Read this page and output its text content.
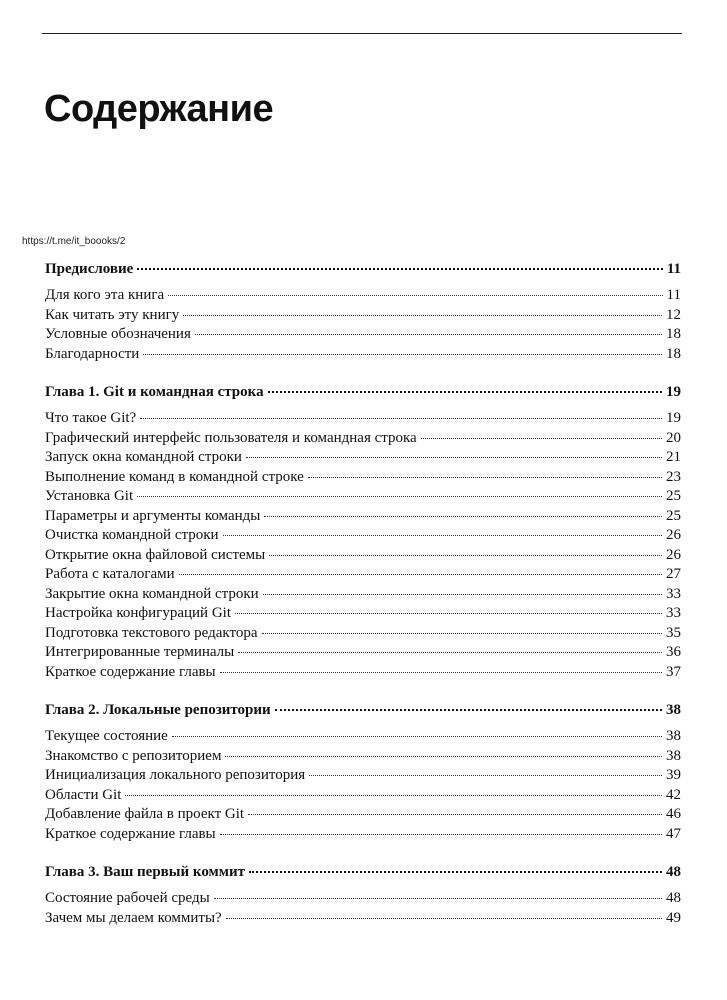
Содержание
https://t.me/it_boooks/2
Предисловие	11
Для кого эта книга	11
Как читать эту книгу	12
Условные обозначения	18
Благодарности	18
Глава 1. Git и командная строка	19
Что такое Git?	19
Графический интерфейс пользователя и командная строка	20
Запуск окна командной строки	21
Выполнение команд в командной строке	23
Установка Git	25
Параметры и аргументы команды	25
Очистка командной строки	26
Открытие окна файловой системы	26
Работа с каталогами	27
Закрытие окна командной строки	33
Настройка конфигураций Git	33
Подготовка текстового редактора	35
Интегрированные терминалы	36
Краткое содержание главы	37
Глава 2. Локальные репозитории	38
Текущее состояние	38
Знакомство с репозиторием	38
Инициализация локального репозитория	39
Области Git	42
Добавление файла в проект Git	46
Краткое содержание главы	47
Глава 3. Ваш первый коммит	48
Состояние рабочей среды	48
Зачем мы делаем коммиты?	49
